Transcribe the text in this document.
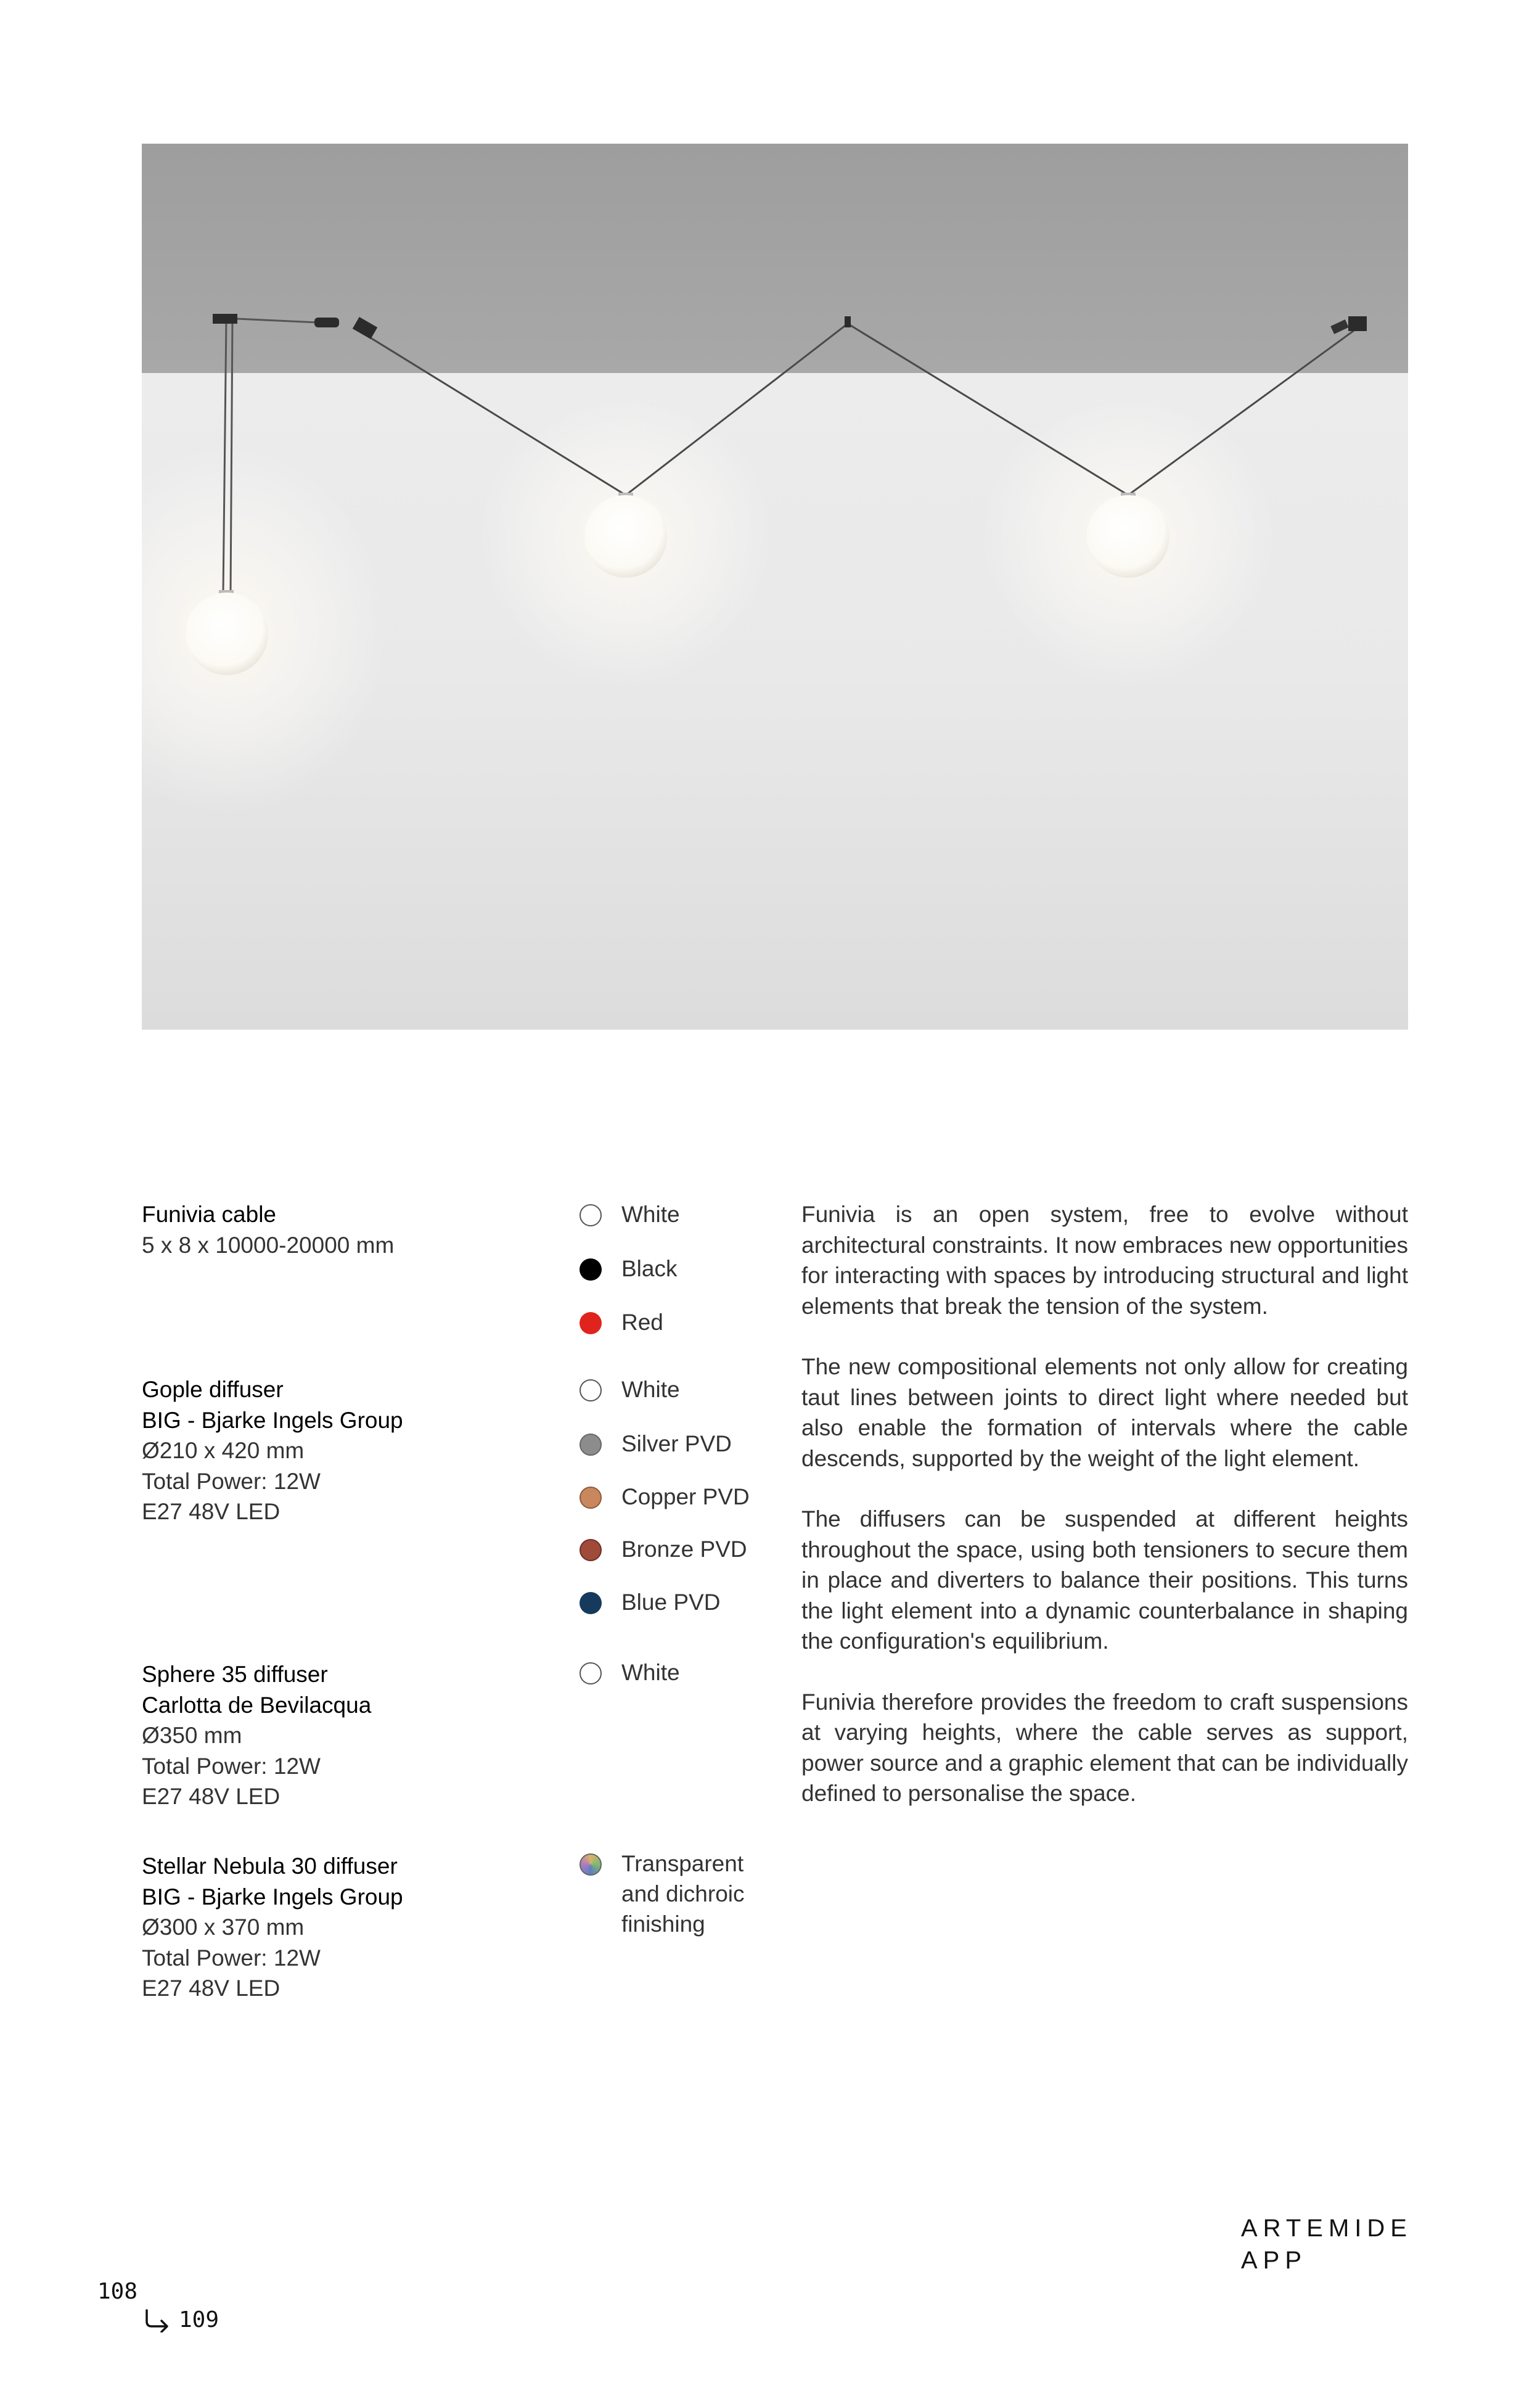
Funivia cable
5 x 8 x 10000-20000 mm
Gople diffuser
BIG - Bjarke Ingels Group
Ø210 x 420 mm
Total Power: 12W
E27 48V LED
Sphere 35 diffuser
Carlotta de Bevilacqua
Ø350 mm
Total Power: 12W
E27 48V LED
Stellar Nebula 30 diffuser
BIG - Bjarke Ingels Group
Ø300 x 370 mm
Total Power: 12W
E27 48V LED
White
Black
Red
White
Silver PVD
Copper PVD
Bronze PVD
Blue PVD
White
Transparent and dichroic finishing

Funivia is an open system, free to evolve without architectural constraints. It now embraces new opportunities for interacting with spaces by introducing structural and light elements that break the tension of the system.

The new compositional elements not only allow for creating taut lines between joints to direct light where needed but also enable the formation of intervals where the cable descends, supported by the weight of the light element.

The diffusers can be suspended at different heights throughout the space, using both tensioners to secure them in place and diverters to balance their positions. This turns the light element into a dynamic counterbalance in shaping the configuration's equilibrium.

Funivia therefore provides the freedom to craft suspensions at varying heights, where the cable serves as support, power source and a graphic element that can be individually defined to personalise the space.

ARTEMIDE
APP
108
109
